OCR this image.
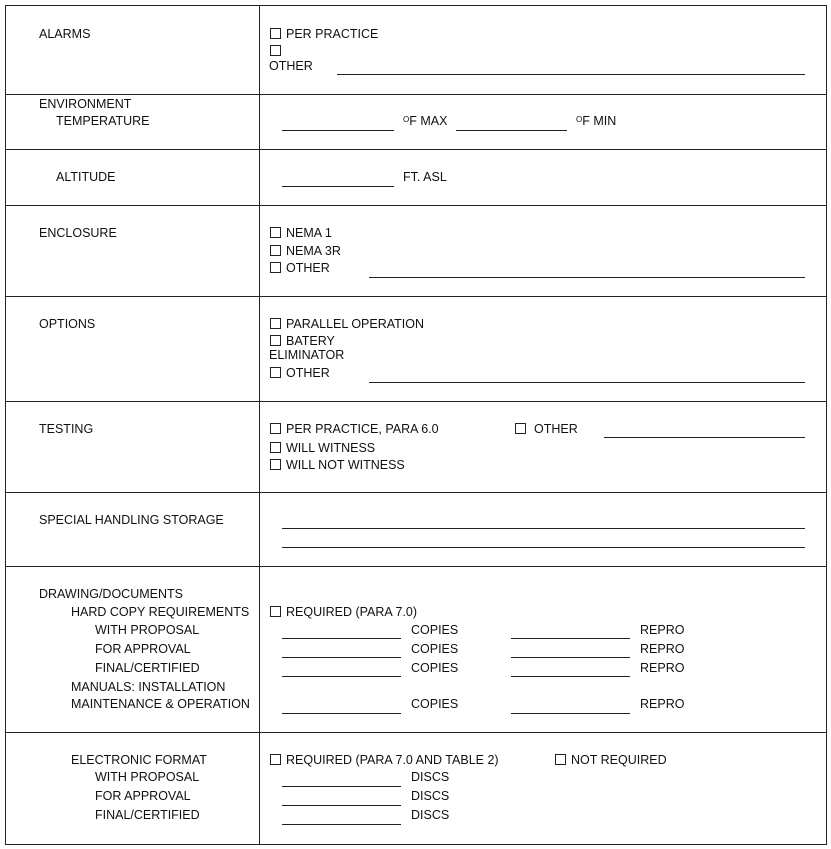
ALARMS	PER PRACTICE
OTHER
ENVIRONMENT
TEMPERATURE	$^O$F MAX	$^O$F MIN
ALTITUDE	FT. ASL
ENCLOSURE	NEMA 1
NEMA 3R
OTHER
OPTIONS	PARALLEL OPERATION
BATERY
ELIMINATOR
OTHER
TESTING	PER PRACTICE, PARA 6.0	OTHER
WILL WITNESS
WILL NOT WITNESS
SPECIAL HANDLING STORAGE
DRAWING/DOCUMENTS
HARD COPY REQUIREMENTS	REQUIRED (PARA 7.0)
WITH PROPOSAL	COPIES	REPRO
FOR APPROVAL	COPIES	REPRO
FINAL/CERTIFIED	COPIES	REPRO
MANUALS: INSTALLATION
MAINTENANCE & OPERATION	COPIES	REPRO
ELECTRONIC FORMAT	REQUIRED (PARA 7.0 AND TABLE 2)	NOT REQUIRED
WITH PROPOSAL	DISCS
FOR APPROVAL	DISCS
FINAL/CERTIFIED	DISCS
